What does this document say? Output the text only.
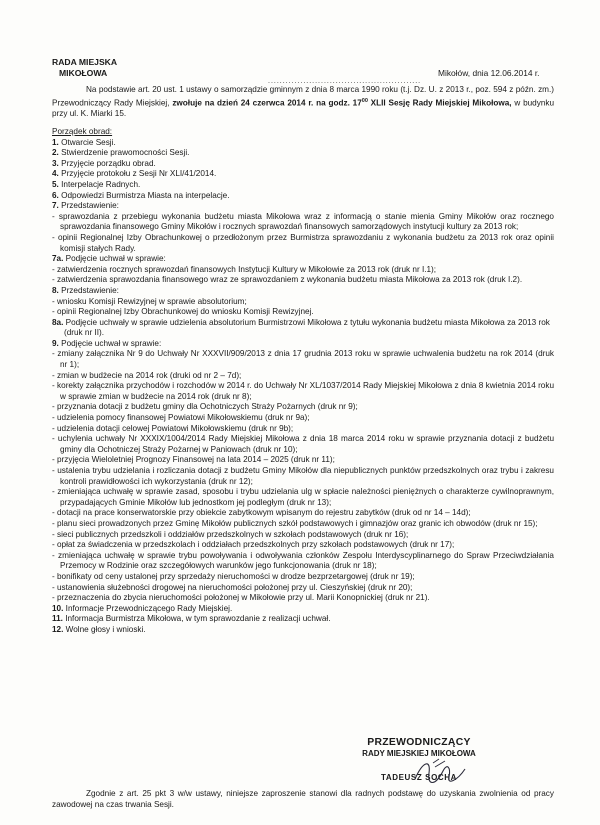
RADA MIEJSKA
MIKOŁOWA
....................................................
Mikołów, dnia 12.06.2014 r.

Na podstawie art. 20 ust. 1 ustawy o samorządzie gminnym z dnia 8 marca 1990 roku (t.j. Dz. U. z 2013 r., poz. 594 z późn. zm.) Przewodniczący Rady Miejskiej, zwołuje na dzień 24 czerwca 2014 r. na godz. $17^{00}$ XLII Sesję Rady Miejskiej Mikołowa, w budynku przy ul. K. Miarki 15.

Porządek obrad:

1. Otwarcie Sesji.

2. Stwierdzenie prawomocności Sesji.

3. Przyjęcie porządku obrad.

4. Przyjęcie protokołu z Sesji Nr XLI/41/2014.

5. Interpelacje Radnych.

6. Odpowiedzi Burmistrza Miasta na interpelacje.

7. Przedstawienie:

- sprawozdania z przebiegu wykonania budżetu miasta Mikołowa wraz z informacją o stanie mienia Gminy Mikołów oraz rocznego sprawozdania finansowego Gminy Mikołów i rocznych sprawozdań finansowych samorządowych instytucji kultury za 2013 rok;

- opinii Regionalnej Izby Obrachunkowej o przedłożonym przez Burmistrza sprawozdaniu z wykonania budżetu za 2013 rok oraz opinii komisji stałych Rady.

7a. Podjęcie uchwał w sprawie:

- zatwierdzenia rocznych sprawozdań finansowych Instytucji Kultury w Mikołowie za 2013 rok (druk nr I.1);

- zatwierdzenia sprawozdania finansowego wraz ze sprawozdaniem z wykonania budżetu miasta Mikołowa za 2013 rok (druk I.2).

8. Przedstawienie:

- wniosku Komisji Rewizyjnej w sprawie absolutorium;

- opinii Regionalnej Izby Obrachunkowej do wniosku Komisji Rewizyjnej.

8a. Podjęcie uchwały w sprawie udzielenia absolutorium Burmistrzowi Mikołowa z tytułu wykonania budżetu miasta Mikołowa za 2013 rok (druk nr II).

9. Podjęcie uchwał w sprawie:

- zmiany załącznika Nr 9 do Uchwały Nr XXXVII/909/2013 z dnia 17 grudnia 2013 roku w sprawie uchwalenia budżetu na rok 2014 (druk nr 1);

- zmian w budżecie na 2014 rok (druki od nr 2 – 7d);

- korekty załącznika przychodów i rozchodów w 2014 r. do Uchwały Nr XL/1037/2014 Rady Miejskiej Mikołowa z dnia 8 kwietnia 2014 roku w sprawie zmian w budżecie na 2014 rok (druk nr 8);

- przyznania dotacji z budżetu gminy dla Ochotniczych Straży Pożarnych (druk nr 9);

- udzielenia pomocy finansowej Powiatowi Mikołowskiemu (druk nr 9a);

- udzielenia dotacji celowej Powiatowi Mikołowskiemu (druk nr 9b);

- uchylenia uchwały Nr XXXIX/1004/2014 Rady Miejskiej Mikołowa z dnia 18 marca 2014 roku w sprawie przyznania dotacji z budżetu gminy dla Ochotniczej Straży Pożarnej w Paniowach (druk nr 10);

- przyjęcia Wieloletniej Prognozy Finansowej na lata 2014 – 2025 (druk nr 11);

- ustalenia trybu udzielania i rozliczania dotacji z budżetu Gminy Mikołów dla niepublicznych punktów przedszkolnych oraz trybu i zakresu kontroli prawidłowości ich wykorzystania (druk nr 12);

- zmieniająca uchwałę w sprawie zasad, sposobu i trybu udzielania ulg w spłacie należności pieniężnych o charakterze cywilnoprawnym, przypadających Gminie Mikołów lub jednostkom jej podległym (druk nr 13);

- dotacji na prace konserwatorskie przy obiekcie zabytkowym wpisanym do rejestru zabytków (druk od nr 14 – 14d);

- planu sieci prowadzonych przez Gminę Mikołów publicznych szkół podstawowych i gimnazjów oraz granic ich obwodów (druk nr 15);

- sieci publicznych przedszkoli i oddziałów przedszkolnych w szkołach podstawowych (druk nr 16);

- opłat za świadczenia w przedszkolach i oddziałach przedszkolnych przy szkołach podstawowych (druk nr 17);

- zmieniająca uchwałę w sprawie trybu powoływania i odwoływania członków Zespołu Interdyscyplinarnego do Spraw Przeciwdziałania Przemocy w Rodzinie oraz szczegółowych warunków jego funkcjonowania (druk nr 18);

- bonifikaty od ceny ustalonej przy sprzedaży nieruchomości w drodze bezprzetargowej (druk nr 19);

- ustanowienia służebności drogowej na nieruchomości położonej przy ul. Cieszyńskiej (druk nr 20);

- przeznaczenia do zbycia nieruchomości położonej w Mikołowie przy ul. Marii Konopnickiej (druk nr 21).

10. Informacje Przewodniczącego Rady Miejskiej.

11. Informacja Burmistrza Mikołowa, w tym sprawozdanie z realizacji uchwał.

12. Wolne głosy i wnioski.

PRZEWODNICZĄCY
RADY MIEJSKIEJ MIKOŁOWA
TADEUSZ SOCHA

Zgodnie z art. 25 pkt 3 w/w ustawy, niniejsze zaproszenie stanowi dla radnych podstawę do uzyskania zwolnienia od pracy zawodowej na czas trwania Sesji.
